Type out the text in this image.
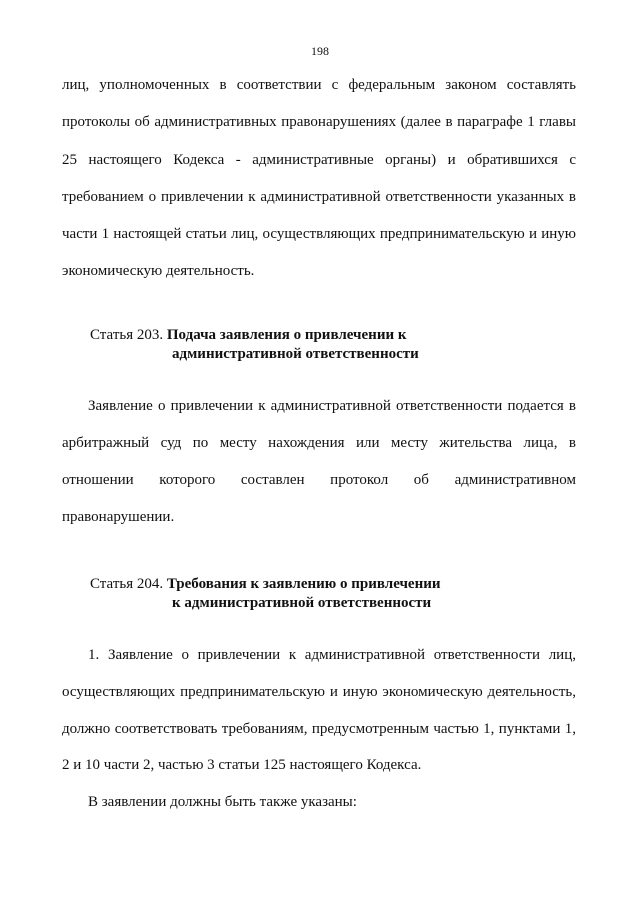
198
лиц, уполномоченных в соответствии с федеральным законом составлять
протоколы об административных правонарушениях (далее в параграфе 1 главы
25 настоящего Кодекса - административные органы) и обратившихся с
требованием о привлечении к административной ответственности указанных в
части 1 настоящей статьи лиц, осуществляющих предпринимательскую и иную
экономическую деятельность.
Статья 203. Подача заявления о привлечении к
административной ответственности
Заявление о привлечении к административной ответственности подается в
арбитражный суд по месту нахождения или месту жительства лица, в
отношении которого составлен протокол об административном
правонарушении.
Статья 204. Требования к заявлению о привлечении
к административной ответственности
1. Заявление о привлечении к административной ответственности лиц,
осуществляющих предпринимательскую и иную экономическую деятельность,
должно соответствовать требованиям, предусмотренным частью 1, пунктами 1,
2 и 10 части 2, частью 3 статьи 125 настоящего Кодекса.
В заявлении должны быть также указаны:
